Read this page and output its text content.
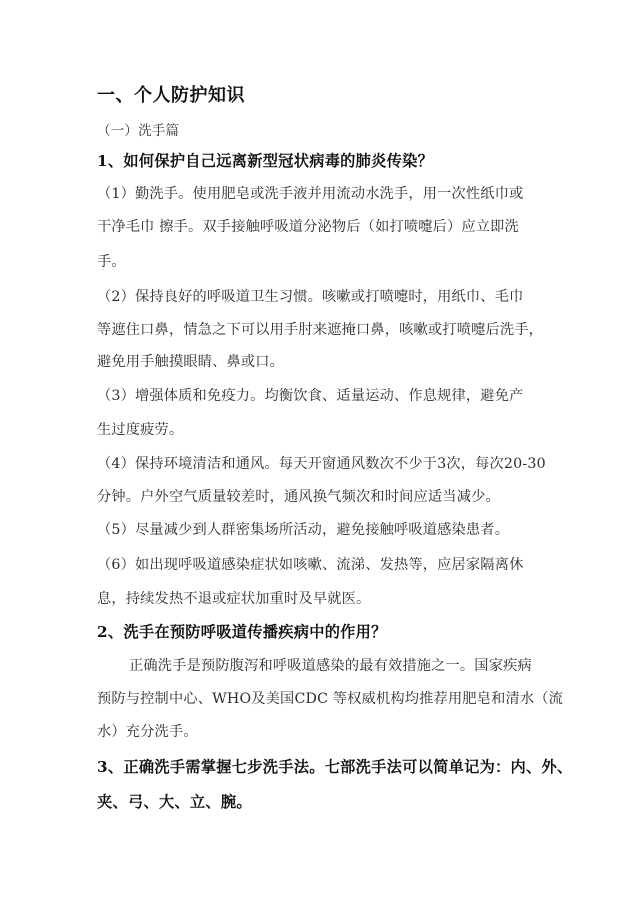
一、个人防护知识
（一）洗手篇
1、如何保护自己远离新型冠状病毒的肺炎传染？
（1）勤洗手。使用肥皂或洗手液并用流动水洗手，用一次性纸巾或
干净毛巾 擦手。双手接触呼吸道分泌物后（如打喷嚏后）应立即洗
手。
（2）保持良好的呼吸道卫生习惯。咳嗽或打喷嚏时，用纸巾、毛巾
等遮住口鼻，情急之下可以用手肘来遮掩口鼻，咳嗽或打喷嚏后洗手，
避免用手触摸眼睛、鼻或口。
（3）增强体质和免疫力。均衡饮食、适量运动、作息规律，避免产
生过度疲劳。
（4）保持环境清洁和通风。每天开窗通风数次不少于3次，每次20-30
分钟。户外空气质量较差时，通风换气频次和时间应适当减少。
（5）尽量减少到人群密集场所活动，避免接触呼吸道感染患者。
（6）如出现呼吸道感染症状如咳嗽、流涕、发热等，应居家隔离休
息，持续发热不退或症状加重时及早就医。
2、洗手在预防呼吸道传播疾病中的作用？
正确洗手是预防腹泻和呼吸道感染的最有效措施之一。国家疾病
预防与控制中心、WHO及美国CDC 等权威机构均推荐用肥皂和清水（流
水）充分洗手。
3、正确洗手需掌握七步洗手法。七部洗手法可以简单记为：内、外、
夹、弓、大、立、腕。
